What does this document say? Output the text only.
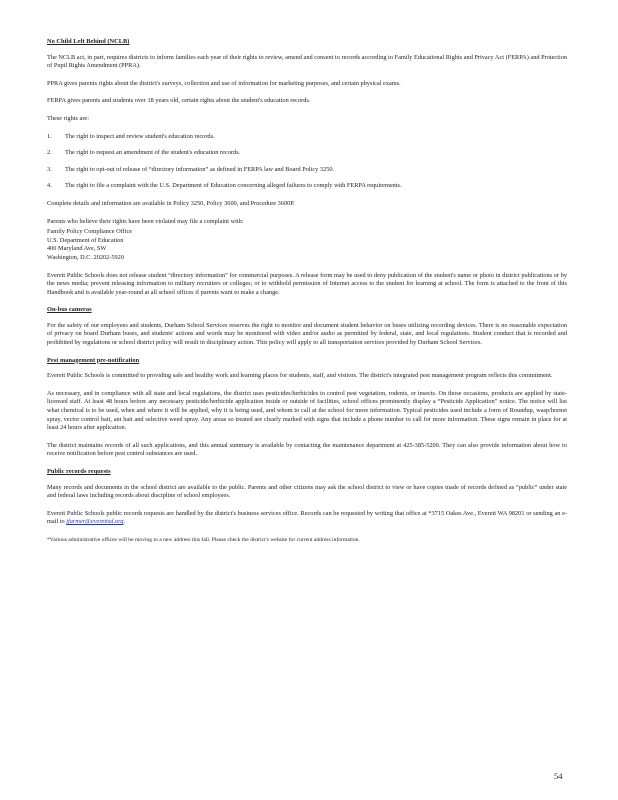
No Child Left Behind (NCLB)

The NCLB act, in part, requires districts to inform families each year of their rights to review, amend and consent to records according to Family Educational Rights and Privacy Act (FERPA) and Protection of Pupil Rights Amendment (PPRA).

PPRA gives parents rights about the district's surveys, collection and use of information for marketing purposes, and certain physical exams.

FERPA gives parents and students over 18 years old, certain rights about the student's education records.

These rights are:

1.	The right to inspect and review student's education records.
2.	The right to request an amendment of the student's education records.
3.	The right to opt-out of release of “directory information” as defined in FERPA law and Board Policy 3250.
4.	The right to file a complaint with the U.S. Department of Education concerning alleged failures to comply with FERPA requirements.

Complete details and information are available in Policy 3250, Policy 3600, and Procedure 3600P.

Parents who believe their rights have been violated may file a complaint with:

Family Policy Compliance Office
U.S. Department of Education
400 Maryland Ave, SW
Washington, D.C. 20202-5920

Everett Public Schools does not release student “directory information” for commercial purposes. A release form may be used to deny publication of the student's name or photo in district publications or by the news media; prevent releasing information to military recruiters or colleges; or to withhold permission of Internet access to the student for learning at school. The form is attached to the front of this Handbook and is available year-round at all school offices if parents want to make a change.

On-bus cameras

For the safety of our employees and students, Durham School Services reserves the right to monitor and document student behavior on buses utilizing recording devices. There is no reasonable expectation of privacy on board Durham buses, and students' actions and words may be monitored with video and/or audio as permitted by federal, state, and local regulations. Student conduct that is recorded and prohibited by regulations or school district policy will result in disciplinary action. This policy will apply to all transportation services provided by Durham School Services.

Pest management pre-notification

Everett Public Schools is committed to providing safe and healthy work and learning places for students, staff, and visitors. The district's integrated pest management program reflects this commitment.

As necessary, and in compliance with all state and local regulations, the district uses pesticides/herbicides to control pest vegetation, rodents, or insects. On those occasions, products are applied by state-licensed staff. At least 48 hours before any necessary pesticide/herbicide application inside or outside of facilities, school offices prominently display a “Pesticide Application” notice. The notice will list what chemical is to be used, when and where it will be applied, why it is being used, and whom to call at the school for more information. Typical pesticides used include a form of Roundup, wasp/hornet spray, vector control bait, ant bait and selective weed spray. Any areas so treated are clearly marked with signs that include a phone number to call for more information. These signs remain in place for at least 24 hours after application.

The district maintains records of all such applications, and this annual summary is available by contacting the maintenance department at 425-385-5200. They can also provide information about how to receive notification before pest control substances are used.

Public records requests

Many records and documents in the school district are available to the public. Parents and other citizens may ask the school district to view or have copies made of records defined as “public” under state and federal laws including records about discipline of school employees.

Everett Public Schools public records requests are handled by the district's business services office. Records can be requested by writing that office at *3715 Oakes Ave., Everett WA 98201 or sending an e-mail to jfarmer@everettsd.org.

*Various administrative offices will be moving to a new address this fall. Please check the district's website for current address information.

54
